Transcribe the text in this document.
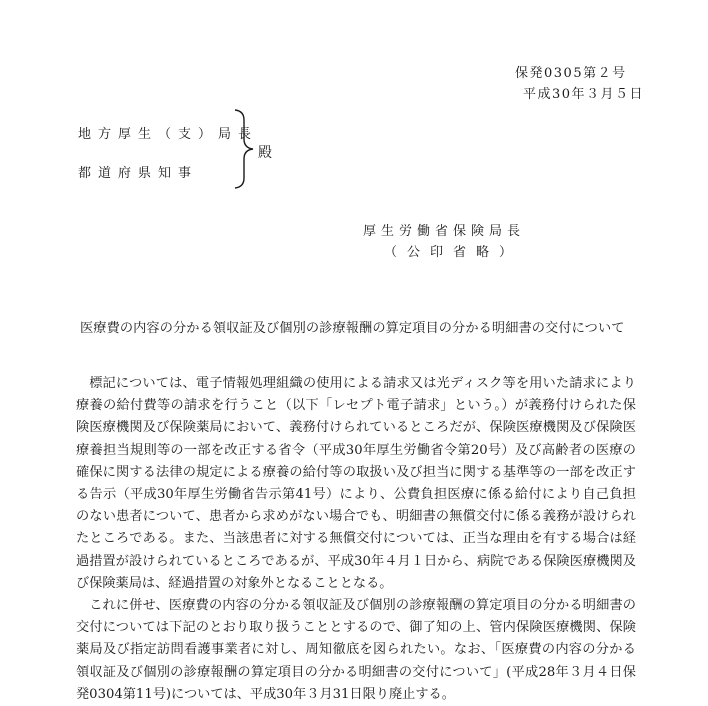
保発0305第２号
平成30年３月５日
地方厚生（支）局長
都道府県知事
殿
厚生労働省保険局長
（公印省略）
医療費の内容の分かる領収証及び個別の診療報酬の算定項目の分かる明細書の交付について

標記については、電子情報処理組織の使用による請求又は光ディスク等を用いた請求により療養の給付費等の請求を行うこと（以下「レセプト電子請求」という。）が義務付けられた保険医療機関及び保険薬局において、義務付けられているところだが、保険医療機関及び保険医療養担当規則等の一部を改正する省令（平成30年厚生労働省令第20号）及び高齢者の医療の確保に関する法律の規定による療養の給付等の取扱い及び担当に関する基準等の一部を改正する告示（平成30年厚生労働省告示第41号）により、公費負担医療に係る給付により自己負担のない患者について、患者から求めがない場合でも、明細書の無償交付に係る義務が設けられたところである。また、当該患者に対する無償交付については、正当な理由を有する場合は経過措置が設けられているところであるが、平成30年４月１日から、病院である保険医療機関及び保険薬局は、経過措置の対象外となることとなる。

これに併せ、医療費の内容の分かる領収証及び個別の診療報酬の算定項目の分かる明細書の交付については下記のとおり取り扱うこととするので、御了知の上、管内保険医療機関、保険薬局及び指定訪問看護事業者に対し、周知徹底を図られたい。なお、「医療費の内容の分かる領収証及び個別の診療報酬の算定項目の分かる明細書の交付について」(平成28年３月４日保発0304第11号)については、平成30年３月31日限り廃止する。
